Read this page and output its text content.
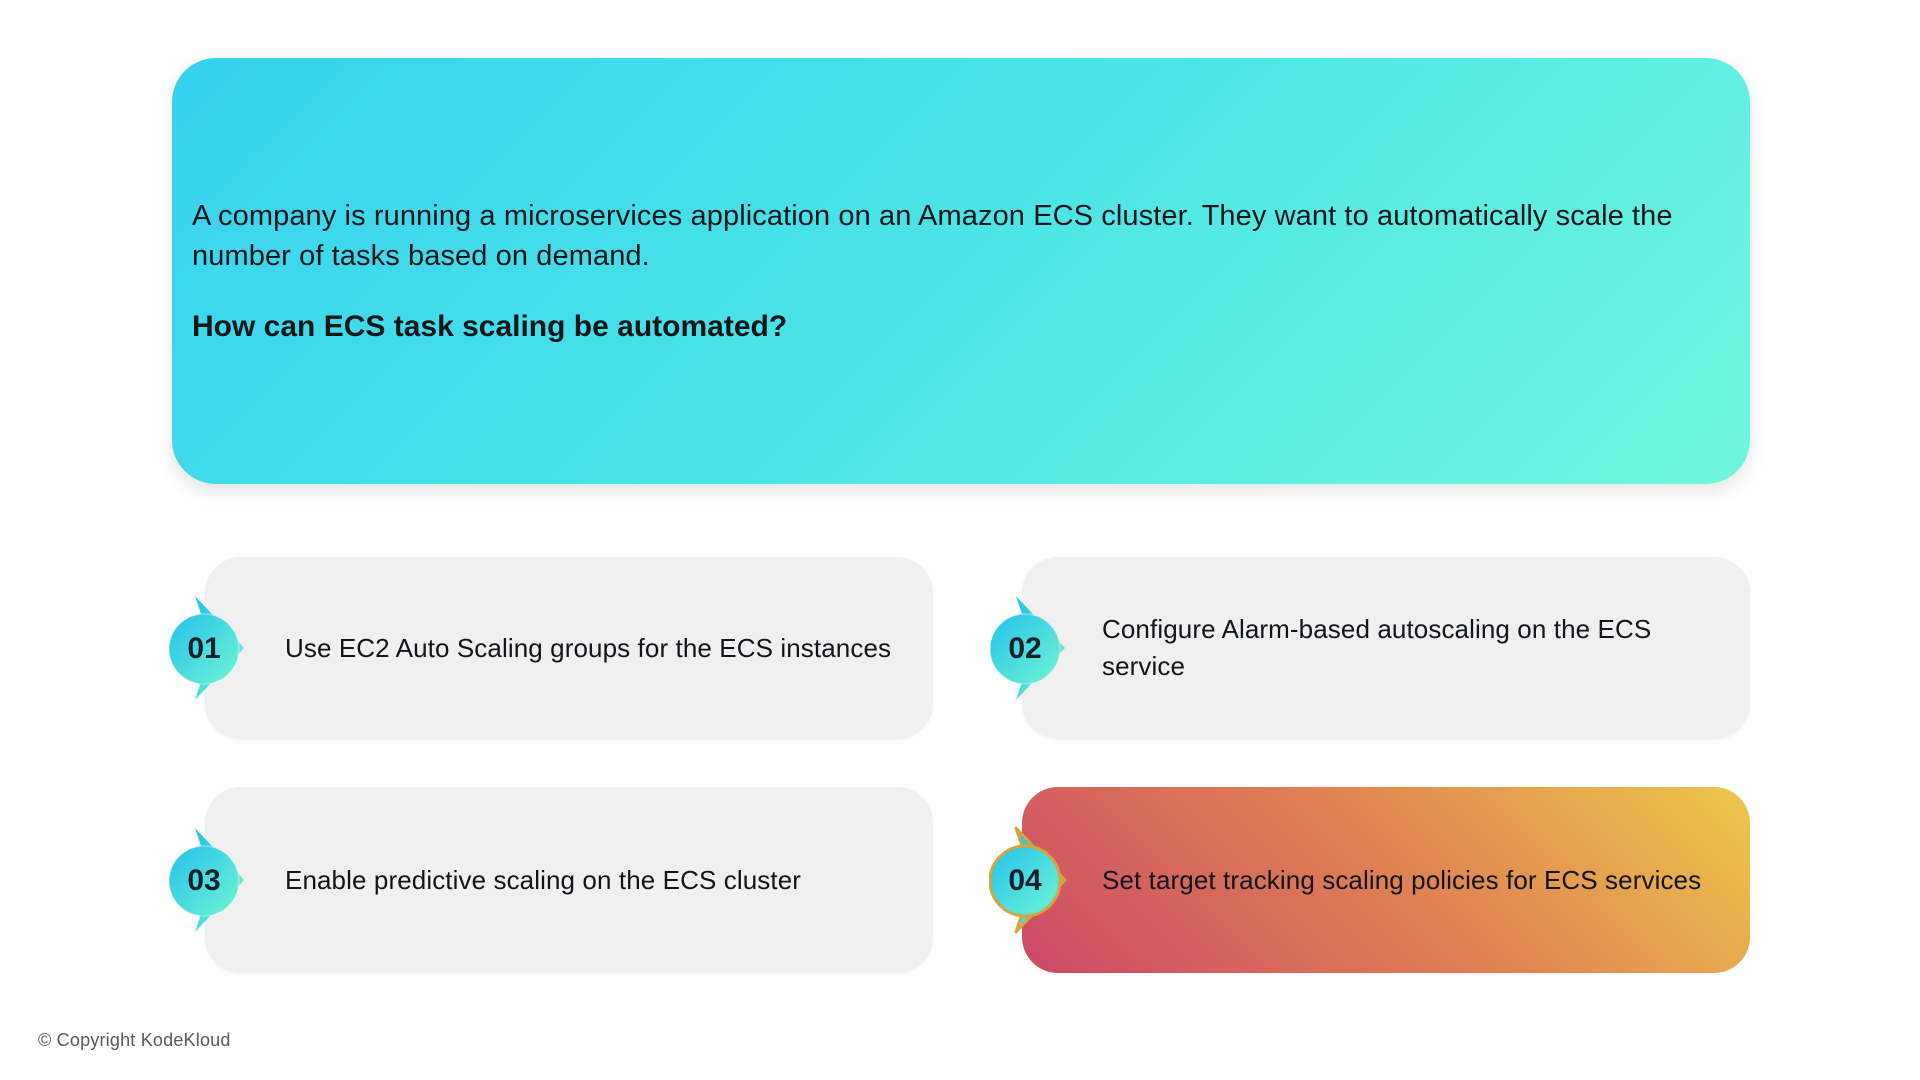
A company is running a microservices application on an Amazon ECS cluster. They want to automatically scale the number of tasks based on demand.
How can ECS task scaling be automated?
Use EC2 Auto Scaling groups for the ECS instances
01
Configure Alarm-based autoscaling on the ECS service
02
Enable predictive scaling on the ECS cluster
03	Set target tracking scaling policies for ECS services
04
© Copyright KodeKloud
